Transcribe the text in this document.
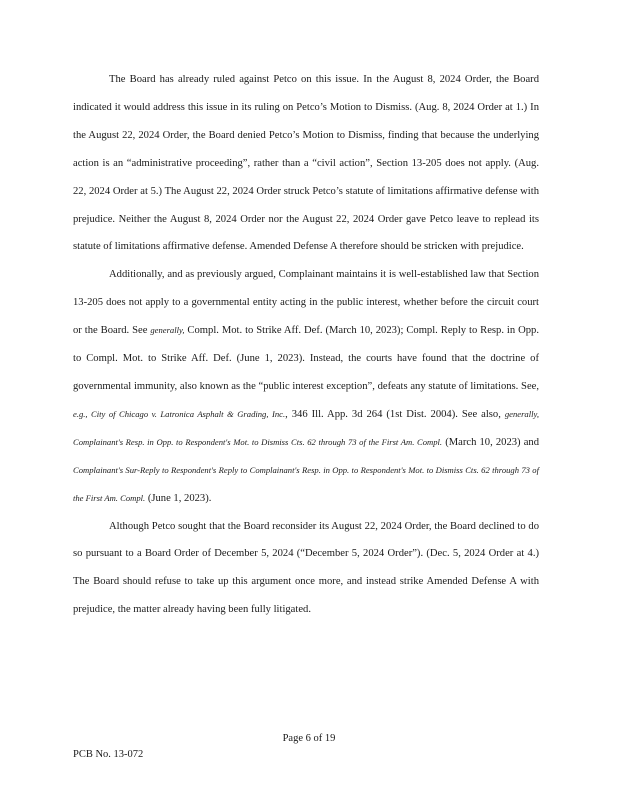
The Board has already ruled against Petco on this issue. In the August 8, 2024 Order, the Board indicated it would address this issue in its ruling on Petco’s Motion to Dismiss. (Aug. 8, 2024 Order at 1.) In the August 22, 2024 Order, the Board denied Petco’s Motion to Dismiss, finding that because the underlying action is an “administrative proceeding”, rather than a “civil action”, Section 13-205 does not apply. (Aug. 22, 2024 Order at 5.) The August 22, 2024 Order struck Petco’s statute of limitations affirmative defense with prejudice. Neither the August 8, 2024 Order nor the August 22, 2024 Order gave Petco leave to replead its statute of limitations affirmative defense. Amended Defense A therefore should be stricken with prejudice.

Additionally, and as previously argued, Complainant maintains it is well-established law that Section 13-205 does not apply to a governmental entity acting in the public interest, whether before the circuit court or the Board. See generally, Compl. Mot. to Strike Aff. Def. (March 10, 2023); Compl. Reply to Resp. in Opp. to Compl. Mot. to Strike Aff. Def. (June 1, 2023). Instead, the courts have found that the doctrine of governmental immunity, also known as the “public interest exception”, defeats any statute of limitations. See, e.g., City of Chicago v. Latronica Asphalt & Grading, Inc., 346 Ill. App. 3d 264 (1st Dist. 2004). See also, generally, Complainant's Resp. in Opp. to Respondent's Mot. to Dismiss Cts. 62 through 73 of the First Am. Compl. (March 10, 2023) and Complainant's Sur-Reply to Respondent's Reply to Complainant's Resp. in Opp. to Respondent's Mot. to Dismiss Cts. 62 through 73 of the First Am. Compl. (June 1, 2023).

Although Petco sought that the Board reconsider its August 22, 2024 Order, the Board declined to do so pursuant to a Board Order of December 5, 2024 (“December 5, 2024 Order”). (Dec. 5, 2024 Order at 4.) The Board should refuse to take up this argument once more, and instead strike Amended Defense A with prejudice, the matter already having been fully litigated.

Page 6 of 19
PCB No. 13-072
